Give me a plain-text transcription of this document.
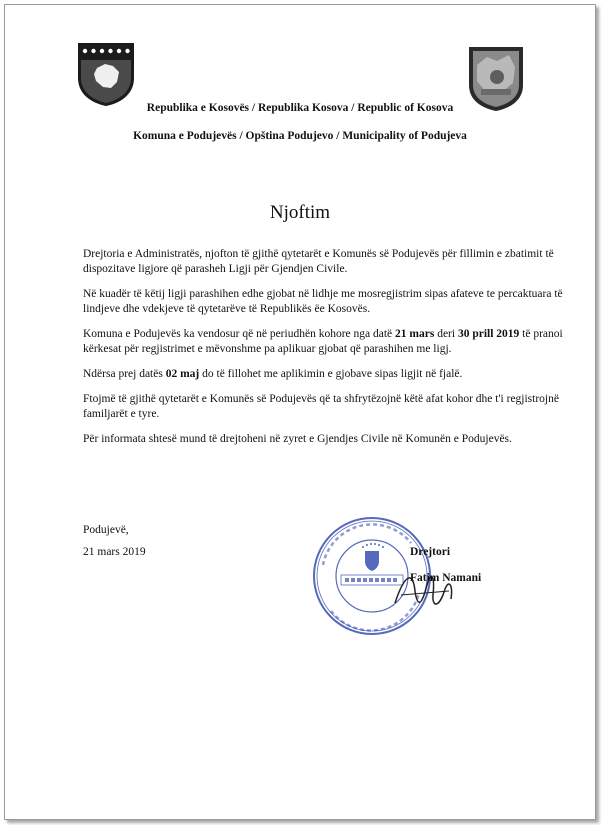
Republika e Kosovës / Republika Kosova / Republic of Kosova
Komuna e Podujevës / Opština Podujevo / Municipality of Podujeva
Njoftim

Drejtoria e Administratës, njofton të gjithë qytetarët e Komunës së Podujevës për fillimin e zbatimit të dispozitave ligjore që parasheh Ligji për Gjendjen Civile.

Në kuadër të këtij ligji parashihen edhe gjobat në lidhje me mosregjistrim sipas afateve te percaktuara të lindjeve dhe vdekjeve të qytetarëve të Republikës ëe Kosovës.

Komuna e Podujevës ka vendosur që në periudhën kohore nga datë 21 mars deri 30 prill 2019 të pranoi kërkesat për regjistrimet e mëvonshme pa aplikuar gjobat që parashihen me ligj.

Ndërsa prej datës 02 maj do të fillohet me aplikimin e gjobave sipas ligjit në fjalë.

Ftojmë të gjithë qytetarët e Komunës së Podujevës që ta shfrytëzojnë këtë afat kohor dhe t'i regjistrojnë familjarët e tyre.

Për informata shtesë mund të drejtoheni në zyret e Gjendjes Civile në Komunën e Podujevës.

Podujevë,
21 mars 2019	Drejtori
Fatim Namani
